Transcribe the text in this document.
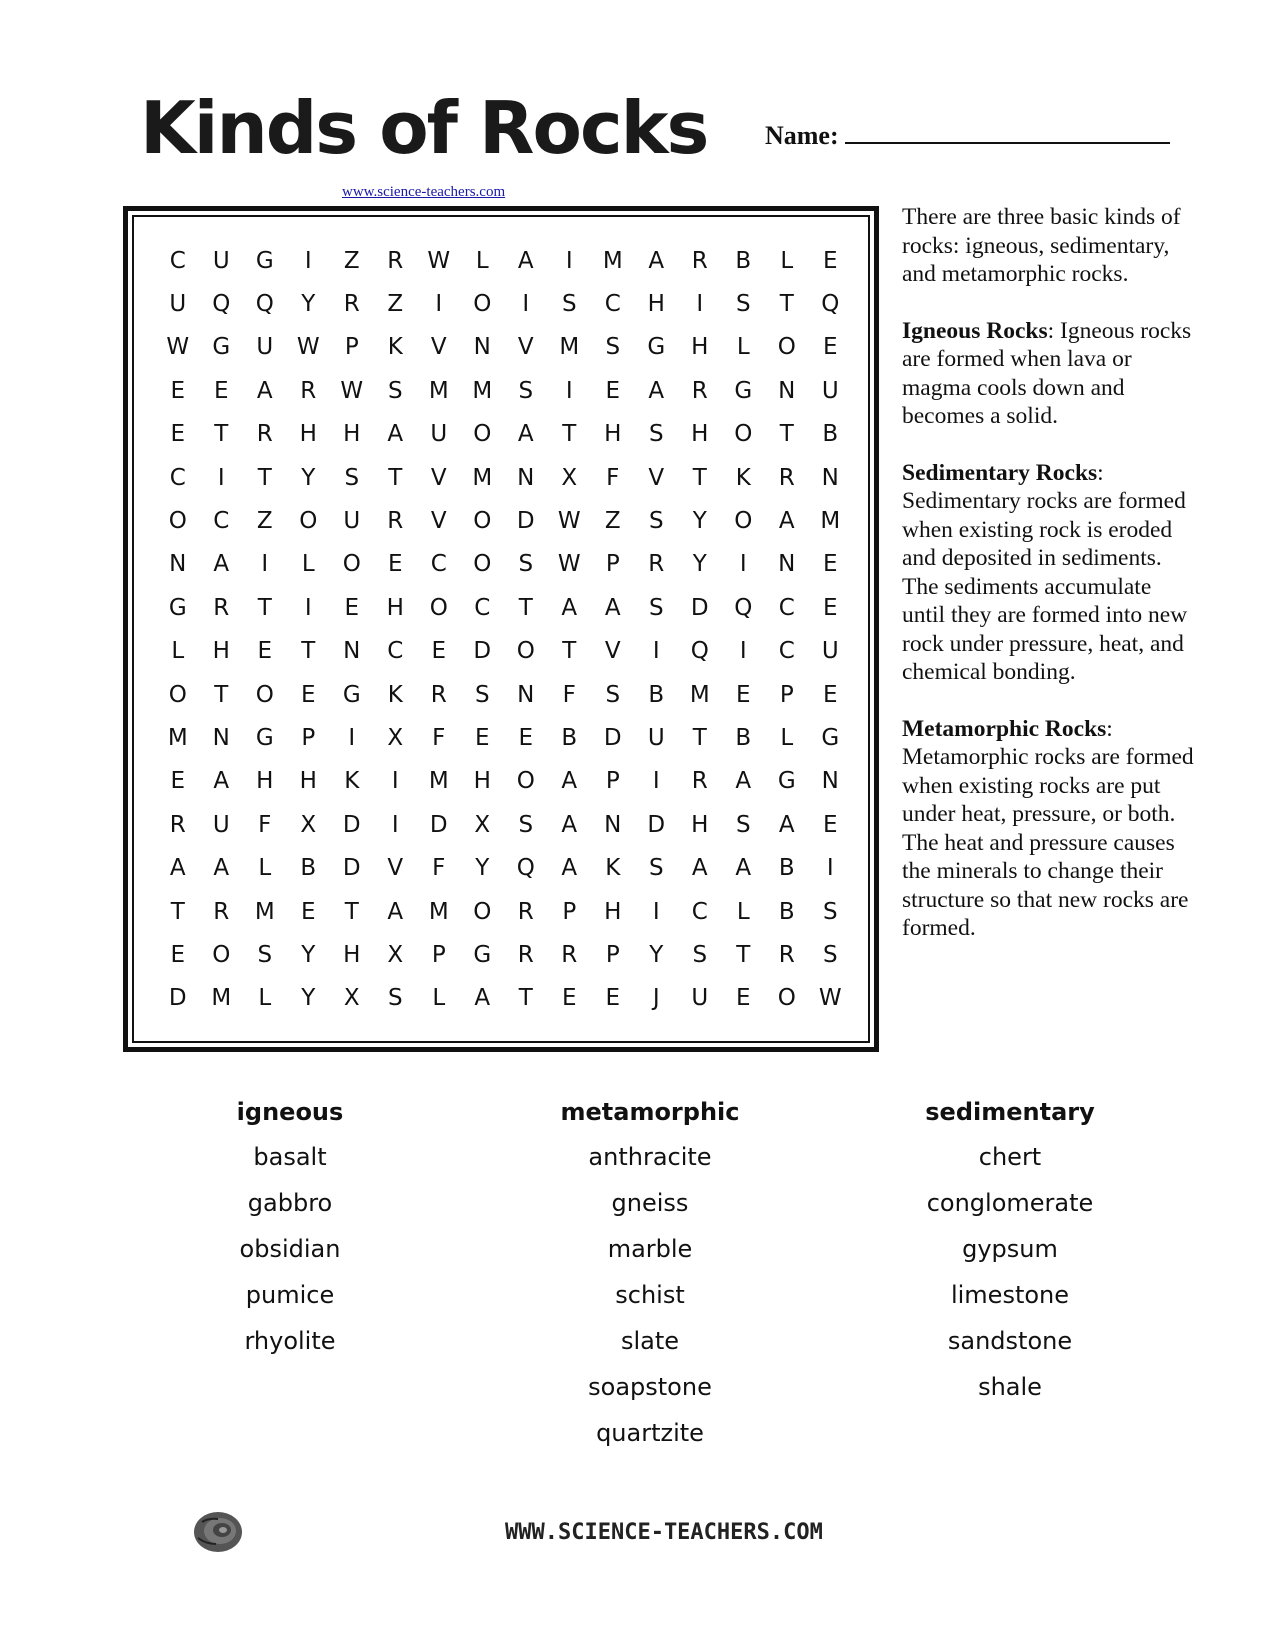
Kinds of Rocks Name:
www.science-teachers.com
C	U	G	I	Z	R	W	L	A	I	M	A	R	B	L	E
U	Q	Q	Y	R	Z	I	O	I	S	C	H	I	S	T	Q
W	G	U	W	P	K	V	N	V	M	S	G	H	L	O	E
E	E	A	R	W	S	M	M	S	I	E	A	R	G	N	U
E	T	R	H	H	A	U	O	A	T	H	S	H	O	T	B
C	I	T	Y	S	T	V	M	N	X	F	V	T	K	R	N
O	C	Z	O	U	R	V	O	D	W	Z	S	Y	O	A	M
N	A	I	L	O	E	C	O	S	W	P	R	Y	I	N	E
G	R	T	I	E	H	O	C	T	A	A	S	D	Q	C	E
L	H	E	T	N	C	E	D	O	T	V	I	Q	I	C	U
O	T	O	E	G	K	R	S	N	F	S	B	M	E	P	E
M	N	G	P	I	X	F	E	E	B	D	U	T	B	L	G
E	A	H	H	K	I	M	H	O	A	P	I	R	A	G	N
R	U	F	X	D	I	D	X	S	A	N	D	H	S	A	E
A	A	L	B	D	V	F	Y	Q	A	K	S	A	A	B	I
T	R	M	E	T	A	M	O	R	P	H	I	C	L	B	S
E	O	S	Y	H	X	P	G	R	R	P	Y	S	T	R	S
D	M	L	Y	X	S	L	A	T	E	E	J	U	E	O	W

There are three basic kinds of rocks: igneous, sedimentary, and metamorphic rocks.

Igneous Rocks: Igneous rocks are formed when lava or magma cools down and becomes a solid.

Sedimentary Rocks: Sedimentary rocks are formed when existing rock is eroded and deposited in sediments. The sediments accumulate until they are formed into new rock under pressure, heat, and chemical bonding.

Metamorphic Rocks: Metamorphic rocks are formed when existing rocks are put under heat, pressure, or both. The heat and pressure causes the minerals to change their structure so that new rocks are formed.

igneous
basalt
gabbro
obsidian
pumice
rhyolite
metamorphic
anthracite
gneiss
marble
schist
slate
soapstone
quartzite
sedimentary
chert
conglomerate
gypsum
limestone
sandstone
shale
WWW.SCIENCE-TEACHERS.COM
